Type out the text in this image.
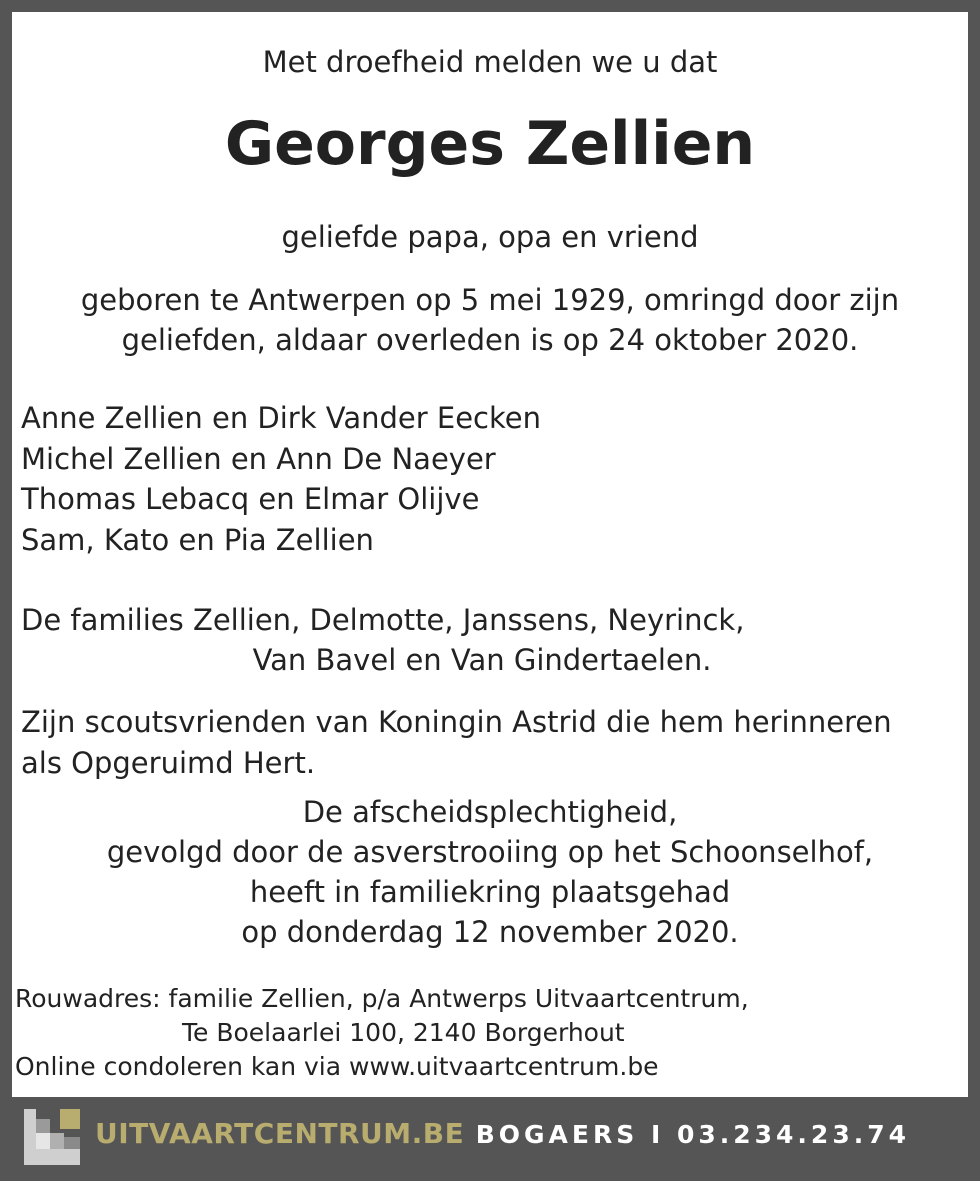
Met droefheid melden we u dat

Georges Zellien

geliefde papa, opa en vriend

geboren te Antwerpen op 5 mei 1929, omringd door zijn

geliefden, aldaar overleden is op 24 oktober 2020.

Anne Zellien en Dirk Vander Eecken

Michel Zellien en Ann De Naeyer

Thomas Lebacq en Elmar Olijve

Sam, Kato en Pia Zellien

De families Zellien, Delmotte, Janssens, Neyrinck,

Van Bavel en Van Gindertaelen.

Zijn scoutsvrienden van Koningin Astrid die hem herinneren

als Opgeruimd Hert.

De afscheidsplechtigheid,

gevolgd door de asverstrooiing op het Schoonselhof,

heeft in familiekring plaatsgehad

op donderdag 12 november 2020.

Rouwadres: familie Zellien, p/a Antwerps Uitvaartcentrum,

Te Boelaarlei 100, 2140 Borgerhout

Online condoleren kan via www.uitvaartcentrum.be

UITVAARTCENTRUM.BE BOGAERS I 03.234.23.74
